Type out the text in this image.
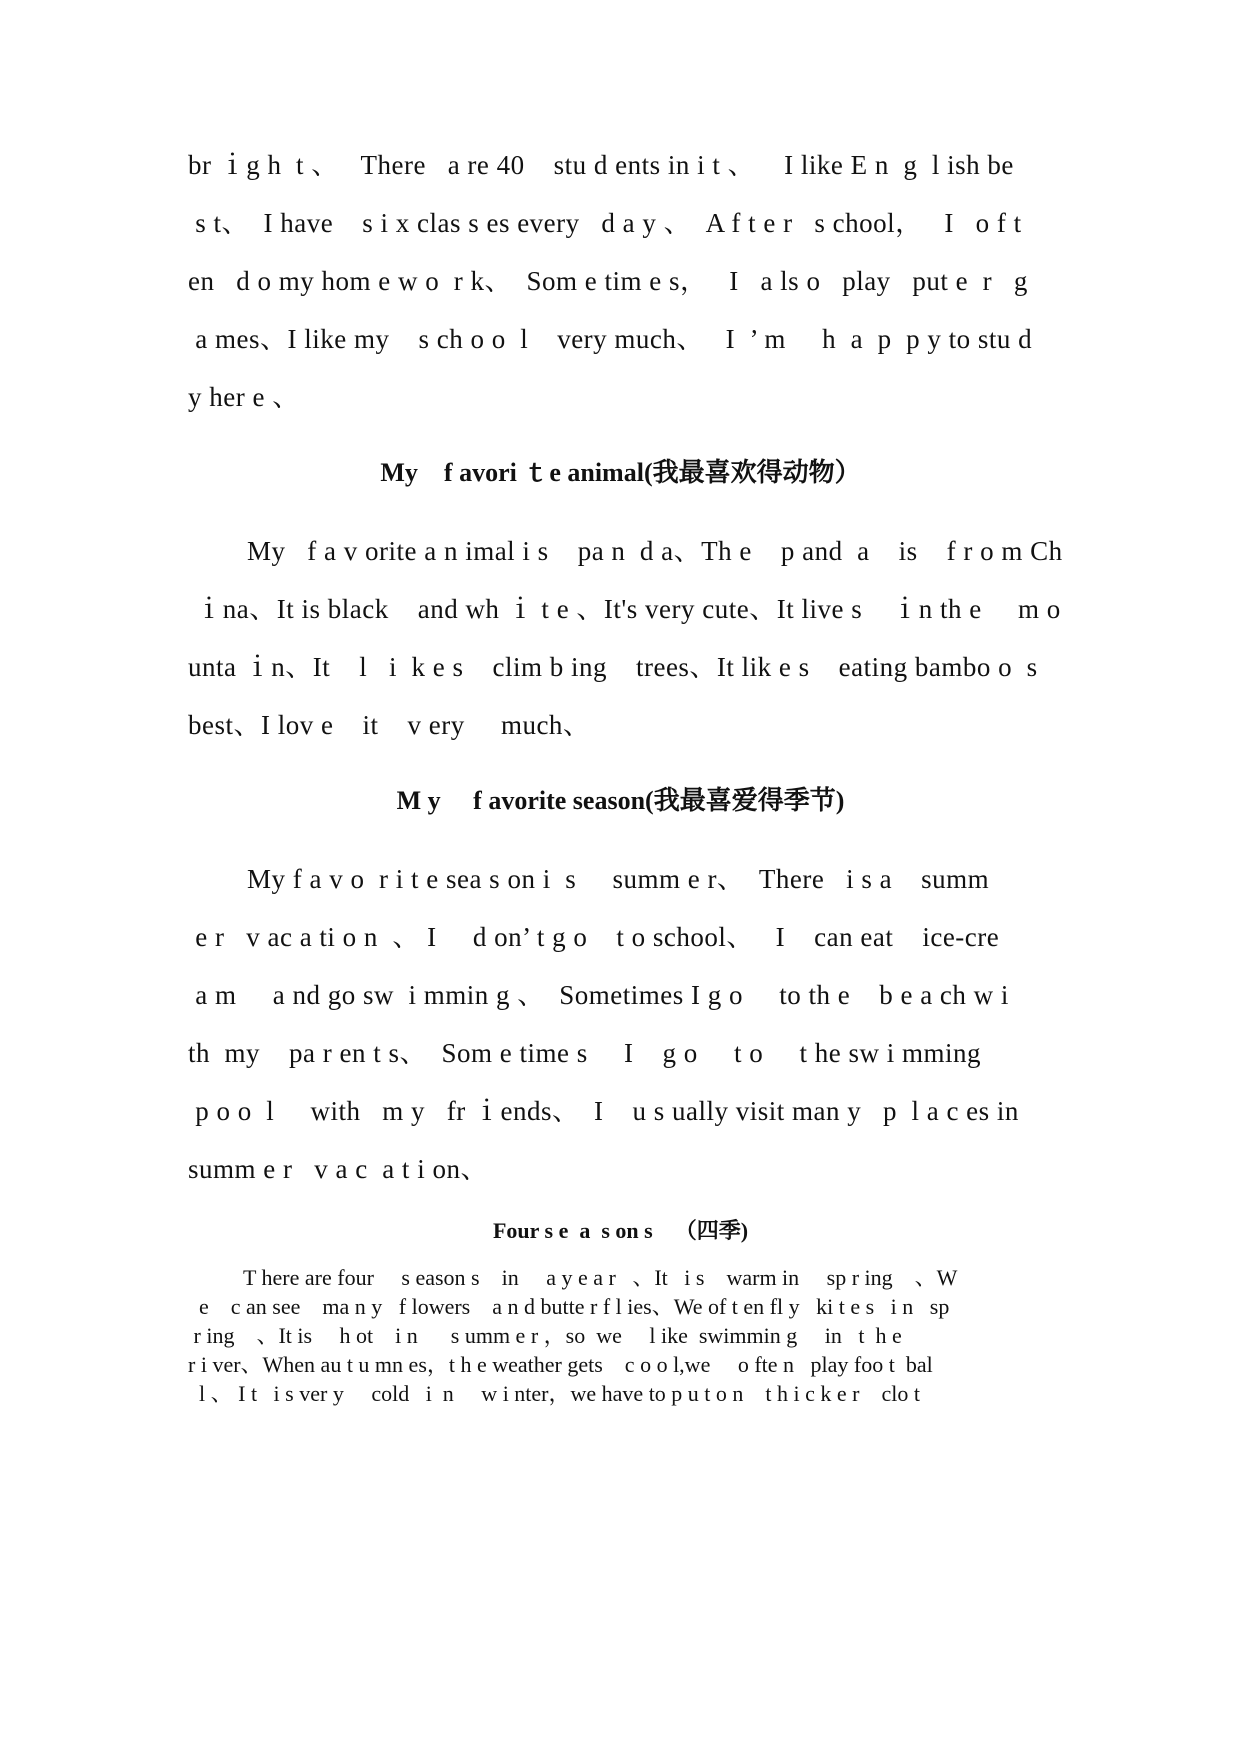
br ｉg h  t 、   There   a re 40    stu d ents in i t 、    I like E n  g  l ish be
s t、  I have    s i x clas s es every   d a y 、  A f t e r   s chool，   I   o f t
en   d o my hom e w o  r k、  Som e tim e s，   I   a ls o   play   put e  r   g
a mes、I like my    s ch o o  l    very much、   I  ’ m     h  a  p  p y to stu d
y her e 、
My    f avori ｔe animal(我最喜欢得动物）
My   f a v orite a n imal i s    pa n  d a、Th e    p and  a    is    f r o m Ch
ｉna、It is black    and wh ｉ t e 、It's very cute、It live s    ｉn th e     m o
unta ｉn、It    l   i  k e s    clim b ing    trees、It lik e s    eating bambo o  s
best、I lov e    it    v ery     much、
M y     f avorite season(我最喜爱得季节)
My f a v o  r i t e sea s on i  s     summ e r、  There   i s a    summ
e r   v ac a ti o n  、 I     d on’ t g o    t o school、   I    can eat    ice-cre
a m     a nd go sw  i mmin g 、  Sometimes I g o     to th e    b e a ch w i
th  my    pa r en t s、  Som e time s     I    g o     t o     t he sw i mming
p o o  l     with   m y   fr ｉends、  I    u s ually visit man y   p  l a c es in
summ e r   v a c  a t i on、
Four s e  a  s on s    （四季)
T here are four     s eason s    in     a y e a r   、It   i s    warm in     sp r ing    、W
e    c an see    ma n y   f lowers    a n d butte r f l ies、We of t en fl y   ki t e s   i n   sp
r ing    、It is     h ot    i n      s umm e r ，so  we     l ike  swimmin g     in   t  h e
r i ver、When au t u mn es，t h e weather gets    c o o l,we     o fte n   play foo t  bal
l 、 I t   i s ver y     cold   i  n     w i nter，we have to p u t o n    t h i c k e r    clo t
